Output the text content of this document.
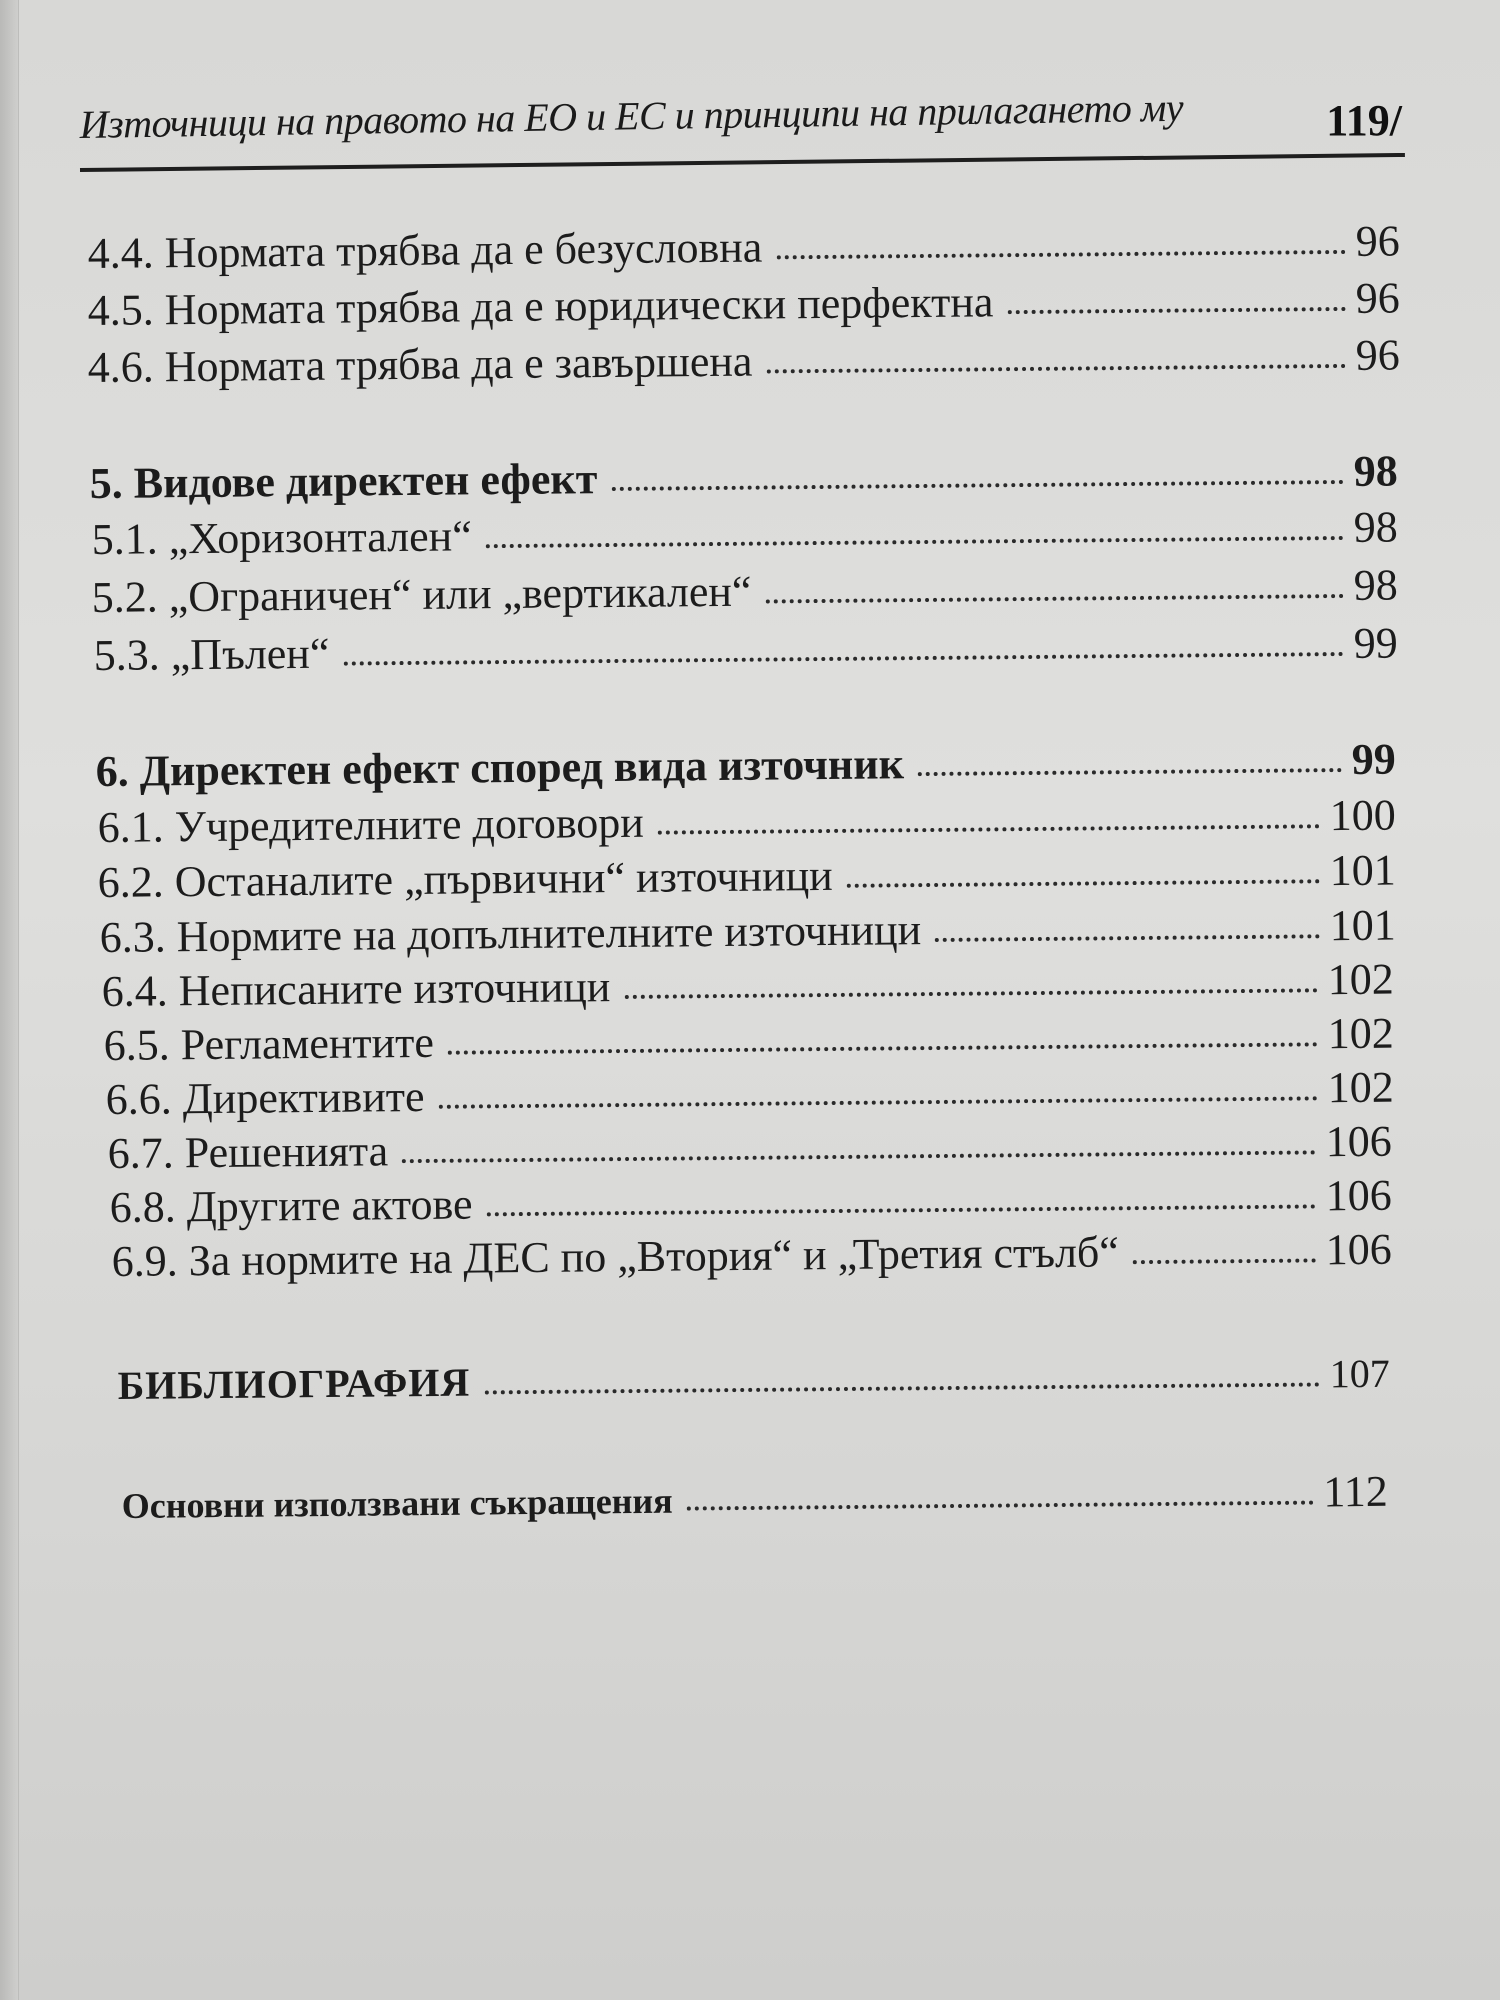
Източници на правото на ЕО и ЕС и принципи на прилагането му	119/
4.4. Нормата трябва да е безусловна	96
4.5. Нормата трябва да е юридически перфектна	96
4.6. Нормата трябва да е завършена	96
5. Видове директен ефект	98
5.1. „Хоризонтален“	98
5.2. „Ограничен“ или „вертикален“	98
5.3. „Пълен“	99
6. Директен ефект според вида източник	99
6.1. Учредителните договори	100
6.2. Останалите „първични“ източници	101
6.3. Нормите на допълнителните източници	101
6.4. Неписаните източници	102
6.5. Регламентите	102
6.6. Директивите	102
6.7. Решенията	106
6.8. Другите актове	106
6.9. За нормите на ДЕС по „Втория“ и „Третия стълб“	106
БИБЛИОГРАФИЯ	107
Основни използвани съкращения	112
